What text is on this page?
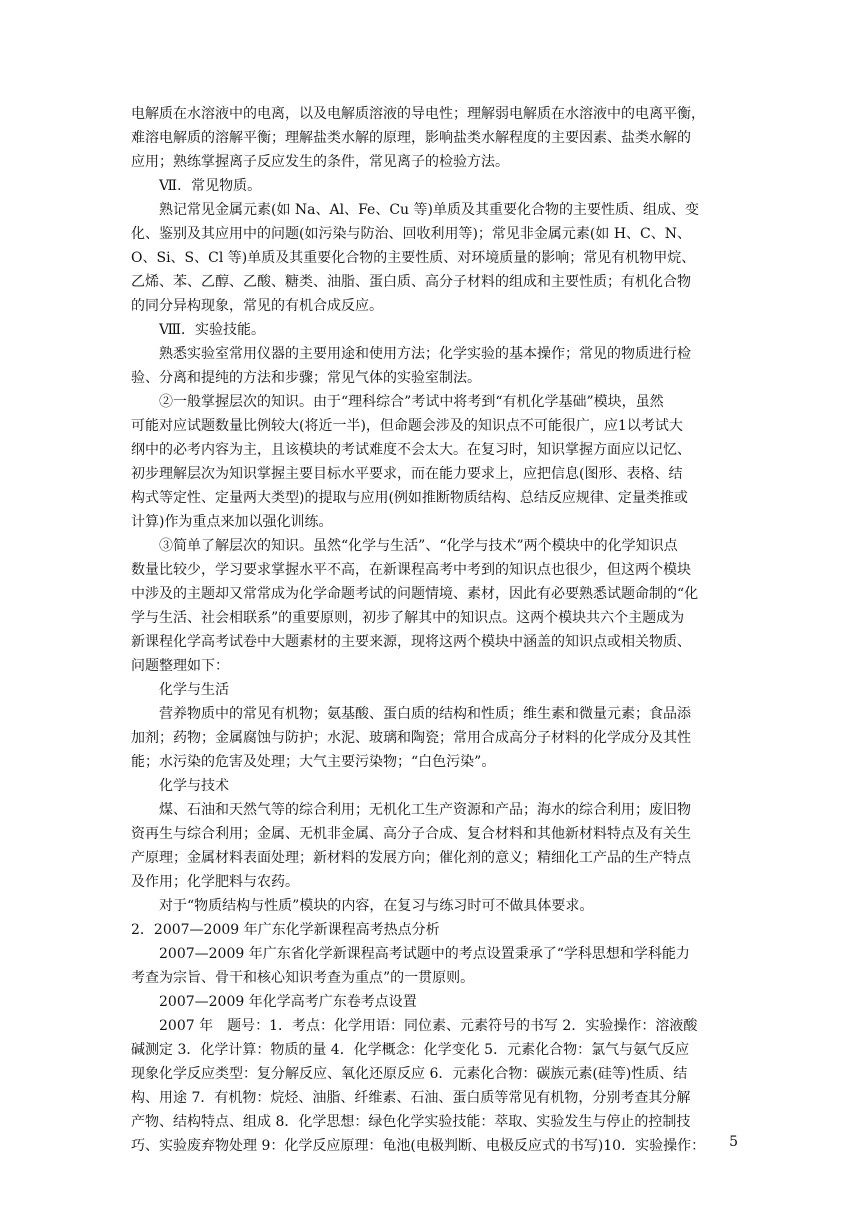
电解质在水溶液中的电离，以及电解质溶液的导电性；理解弱电解质在水溶液中的电离平衡，
难溶电解质的溶解平衡；理解盐类水解的原理，影响盐类水解程度的主要因素、盐类水解的
应用；熟练掌握离子反应发生的条件，常见离子的检验方法。
Ⅶ．常见物质。
熟记常见金属元素(如 Na、Al、Fe、Cu 等)单质及其重要化合物的主要性质、组成、变
化、鉴别及其应用中的问题(如污染与防治、回收利用等)；常见非金属元素(如 H、C、N、
O、Si、S、Cl 等)单质及其重要化合物的主要性质、对环境质量的影响；常见有机物甲烷、
乙烯、苯、乙醇、乙酸、糖类、油脂、蛋白质、高分子材料的组成和主要性质；有机化合物
的同分异构现象，常见的有机合成反应。
Ⅷ．实验技能。
熟悉实验室常用仪器的主要用途和使用方法；化学实验的基本操作；常见的物质进行检
验、分离和提纯的方法和步骤；常见气体的实验室制法。
②一般掌握层次的知识。由于“理科综合”考试中将考到“有机化学基础”模块，虽然
可能对应试题数量比例较大(将近一半)，但命题会涉及的知识点不可能很广，应1以考试大
纲中的必考内容为主，且该模块的考试难度不会太大。在复习时，知识掌握方面应以记忆、
初步理解层次为知识掌握主要目标水平要求，而在能力要求上，应把信息(图形、表格、结
构式等定性、定量两大类型)的提取与应用(例如推断物质结构、总结反应规律、定量类推或
计算)作为重点来加以强化训练。
③简单了解层次的知识。虽然“化学与生活”、“化学与技术”两个模块中的化学知识点
数量比较少，学习要求掌握水平不高，在新课程高考中考到的知识点也很少，但这两个模块
中涉及的主题却又常常成为化学命题考试的问题情境、素材，因此有必要熟悉试题命制的“化
学与生活、社会相联系”的重要原则，初步了解其中的知识点。这两个模块共六个主题成为
新课程化学高考试卷中大题素材的主要来源，现将这两个模块中涵盖的知识点或相关物质、
问题整理如下：
化学与生活
营养物质中的常见有机物；氨基酸、蛋白质的结构和性质；维生素和微量元素；食品添
加剂；药物；金属腐蚀与防护；水泥、玻璃和陶瓷；常用合成高分子材料的化学成分及其性
能；水污染的危害及处理；大气主要污染物；“白色污染”。
化学与技术
煤、石油和天然气等的综合利用；无机化工生产资源和产品；海水的综合利用；废旧物
资再生与综合利用；金属、无机非金属、高分子合成、复合材料和其他新材料特点及有关生
产原理；金属材料表面处理；新材料的发展方向；催化剂的意义；精细化工产品的生产特点
及作用；化学肥料与农药。
对于“物质结构与性质”模块的内容，在复习与练习时可不做具体要求。
2．2007—2009 年广东化学新课程高考热点分析
2007—2009 年广东省化学新课程高考试题中的考点设置秉承了“学科思想和学科能力
考查为宗旨、骨干和核心知识考查为重点”的一贯原则。
2007—2009 年化学高考广东卷考点设置
2007 年　题号：1．考点：化学用语：同位素、元素符号的书写 2．实验操作：溶液酸
碱测定 3．化学计算：物质的量 4．化学概念：化学变化 5．元素化合物：氯气与氨气反应
现象化学反应类型：复分解反应、氧化还原反应 6．元素化合物：碳族元素(硅等)性质、结
构、用途 7．有机物：烷烃、油脂、纤维素、石油、蛋白质等常见有机物，分别考查其分解
产物、结构特点、组成 8．化学思想：绿色化学实验技能：萃取、实验发生与停止的控制技
巧、实验废弃物处理 9：化学反应原理：龟池(电极判断、电极反应式的书写)10．实验操作：	5
